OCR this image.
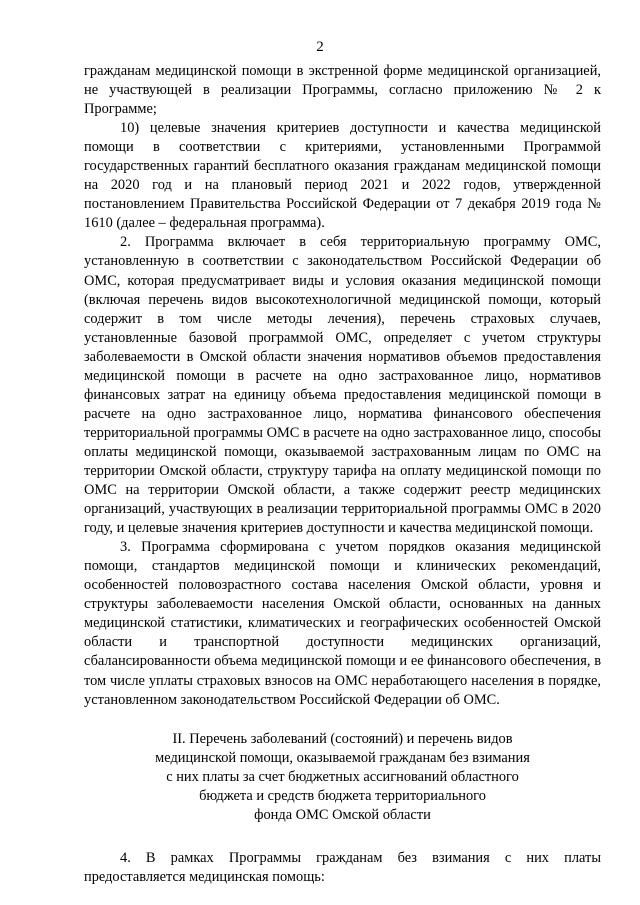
2

гражданам медицинской помощи в экстренной форме медицинской организацией, не участвующей в реализации Программы, согласно приложению № 2 к Программе;

10) целевые значения критериев доступности и качества медицинской помощи в соответствии с критериями, установленными Программой государственных гарантий бесплатного оказания гражданам медицинской помощи на 2020 год и на плановый период 2021 и 2022 годов, утвержденной постановлением Правительства Российской Федерации от 7 декабря 2019 года № 1610 (далее – федеральная программа).

2. Программа включает в себя территориальную программу ОМС, установленную в соответствии с законодательством Российской Федерации об ОМС, которая предусматривает виды и условия оказания медицинской помощи (включая перечень видов высокотехнологичной медицинской помощи, который содержит в том числе методы лечения), перечень страховых случаев, установленные базовой программой ОМС, определяет с учетом структуры заболеваемости в Омской области значения нормативов объемов предоставления медицинской помощи в расчете на одно застрахованное лицо, нормативов финансовых затрат на единицу объема предоставления медицинской помощи в расчете на одно застрахованное лицо, норматива финансового обеспечения территориальной программы ОМС в расчете на одно застрахованное лицо, способы оплаты медицинской помощи, оказываемой застрахованным лицам по ОМС на территории Омской области, структуру тарифа на оплату медицинской помощи по ОМС на территории Омской области, а также содержит реестр медицинских организаций, участвующих в реализации территориальной программы ОМС в 2020 году, и целевые значения критериев доступности и качества медицинской помощи.

3. Программа сформирована с учетом порядков оказания медицинской помощи, стандартов медицинской помощи и клинических рекомендаций, особенностей половозрастного состава населения Омской области, уровня и структуры заболеваемости населения Омской области, основанных на данных медицинской статистики, климатических и географических особенностей Омской области и транспортной доступности медицинских организаций, сбалансированности объема медицинской помощи и ее финансового обеспечения, в том числе уплаты страховых взносов на ОМС неработающего населения в порядке, установленном законодательством Российской Федерации об ОМС.

II. Перечень заболеваний (состояний) и перечень видов
медицинской помощи, оказываемой гражданам без взимания
с них платы за счет бюджетных ассигнований областного
бюджета и средств бюджета территориального
фонда ОМС Омской области

4. В рамках Программы гражданам без взимания с них платы предоставляется медицинская помощь:
